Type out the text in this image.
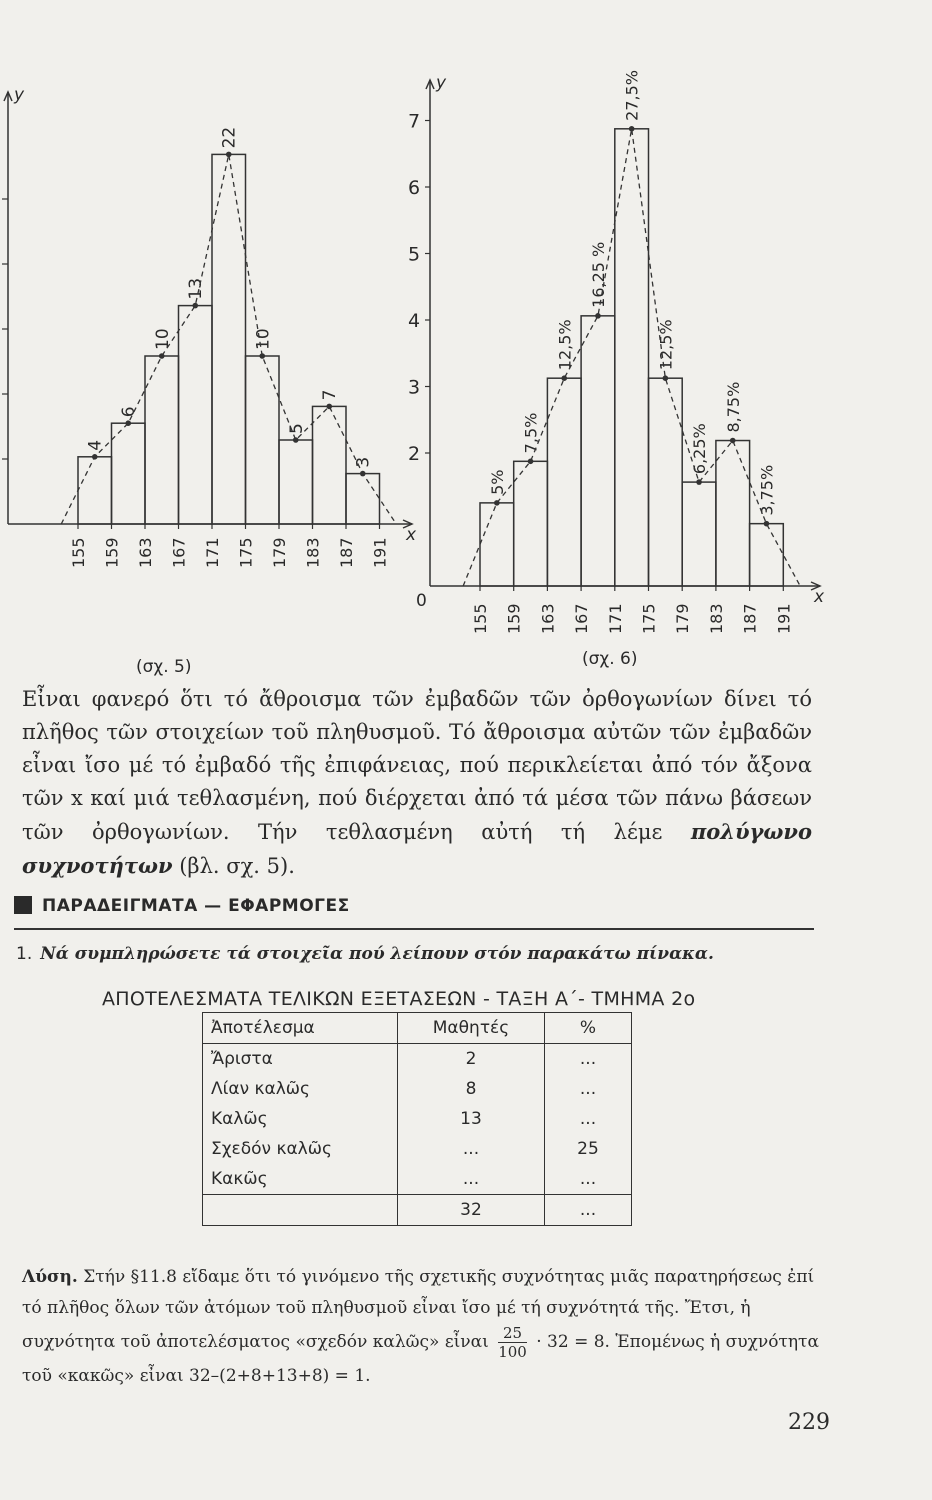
y
x
4
6
10
13
22
10
5
7
3
155 159 163 167 171 175 179 183 187 191
(σχ. 5)
y
x
5%
7,5%
12,5%
16,25 %
27,5%
12,5%
6,25%
8,75%
3,75%
155 159 163 167 171 175 179 183 187 191
0
2
3
4
5
6
7
(σχ. 6)
Εἶναι φανερό ὅτι τό ἄθροισμα τῶν ἐμβαδῶν τῶν ὀρθογωνίων δίνει τό πλῆθος τῶν στοιχείων τοῦ πληθυσμοῦ. Τό ἄθροισμα αὐτῶν τῶν ἐμβαδῶν εἶναι ἴσο μέ τό ἐμβαδό τῆς ἐπιφάνειας, πού περικλείεται ἀπό τόν ἄξονα τῶν x καί μιά τεθλασμένη, πού διέρχεται ἀπό τά μέσα τῶν πάνω βάσεων τῶν ὀρθογωνίων. Τήν τεθλασμένη αὐτή τή λέμε πολύγωνο συχνοτήτων (βλ. σχ. 5).
ΠΑΡΑΔΕΙΓΜΑΤΑ — ΕΦΑΡΜΟΓΕΣ
1. Νά συμπληρώσετε τά στοιχεῖα πού λείπουν στόν παρακάτω πίνακα.
ΑΠΟΤΕΛΕΣΜΑΤΑ ΤΕΛΙΚΩΝ ΕΞΕΤΑΣΕΩΝ - ΤΑΞΗ Α΄- ΤΜΗΜΑ 2ο
Ἀποτέλεσμα	Μαθητές	%
Ἄριστα	2	...
Λίαν καλῶς	8	...
Καλῶς	13	...
Σχεδόν καλῶς	...	25
Κακῶς	...	...
	32	...
Λύση. Στήν §11.8 εἴδαμε ὅτι τό γινόμενο τῆς σχετικῆς συχνότητας μιᾶς παρατηρήσεως ἐπί τό πλῆθος ὅλων τῶν ἀτόμων τοῦ πληθυσμοῦ εἶναι ἴσο μέ τή συχνότητά τῆς. Ἔτσι, ἡ συχνότητα τοῦ ἀποτελέσματος «σχεδόν καλῶς» εἶναι $\frac{25}{100} \cdot 32 = 8$. Ἑπομένως ἡ συχνότητα τοῦ «κακῶς» εἶναι 32–(2+8+13+8) = 1.
229
